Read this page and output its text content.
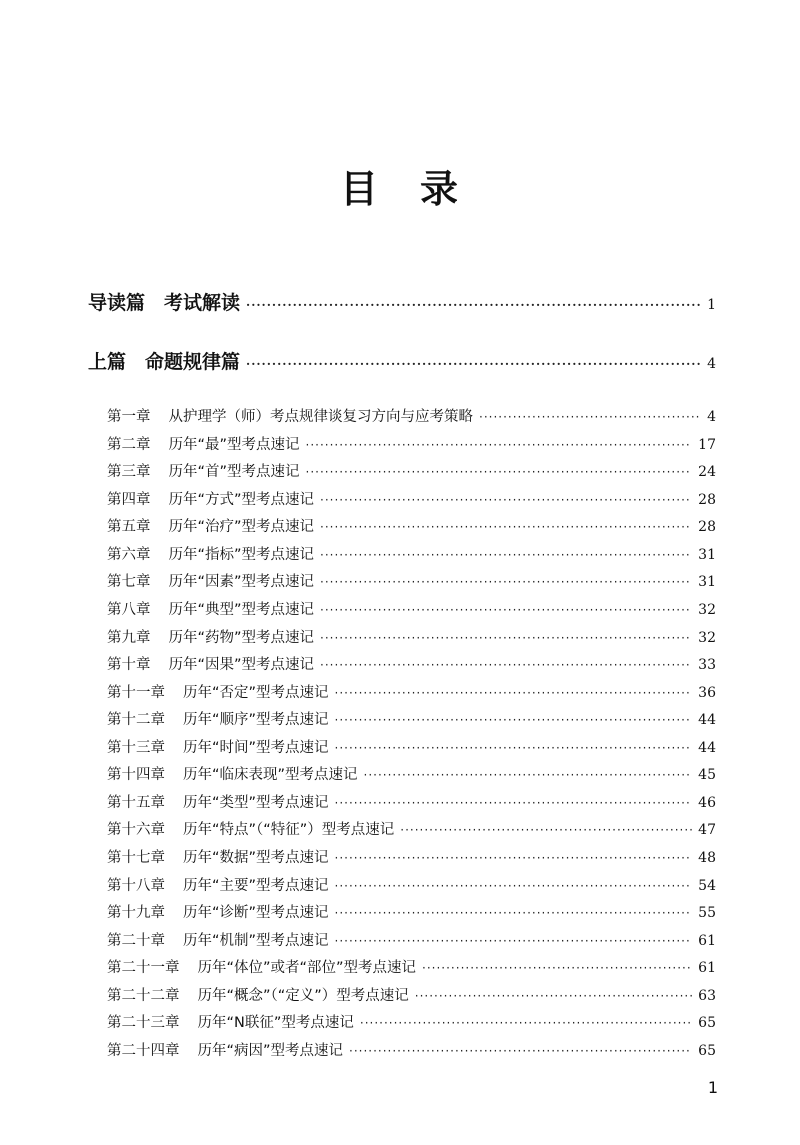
目　录
导读篇　考试解读 ·····	1
上篇　命题规律篇 ·····	4
第一章 从护理学（师）考点规律谈复习方向与应考策略 ·····	4
第二章 历年“最”型考点速记 ·····	17
第三章 历年“首”型考点速记 ·····	24
第四章 历年“方式”型考点速记 ·····	28
第五章 历年“治疗”型考点速记 ·····	28
第六章 历年“指标”型考点速记 ·····	31
第七章 历年“因素”型考点速记 ·····	31
第八章 历年“典型”型考点速记 ·····	32
第九章 历年“药物”型考点速记 ·····	32
第十章 历年“因果”型考点速记 ·····	33
第十一章 历年“否定”型考点速记 ·····	36
第十二章 历年“顺序”型考点速记 ·····	44
第十三章 历年“时间”型考点速记 ·····	44
第十四章 历年“临床表现”型考点速记 ·····	45
第十五章 历年“类型”型考点速记 ·····	46
第十六章 历年“特点”（“特征”）型考点速记 ·····	47
第十七章 历年“数据”型考点速记 ·····	48
第十八章 历年“主要”型考点速记 ·····	54
第十九章 历年“诊断”型考点速记 ·····	55
第二十章 历年“机制”型考点速记 ·····	61
第二十一章 历年“体位”或者“部位”型考点速记 ·····	61
第二十二章 历年“概念”（“定义”）型考点速记 ·····	63
第二十三章 历年“N联征”型考点速记 ·····	65
第二十四章 历年“病因”型考点速记 ·····	65
1
